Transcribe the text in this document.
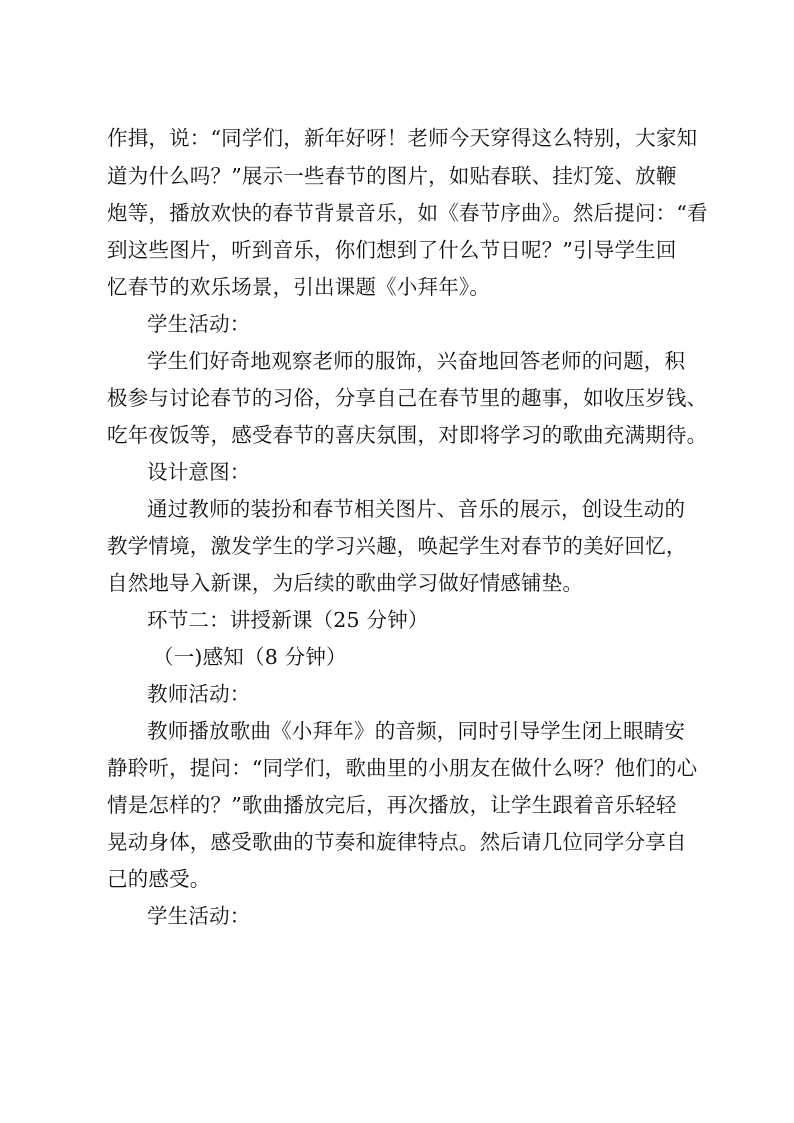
作揖，说：“同学们，新年好呀！老师今天穿得这么特别，大家知
道为什么吗？”展示一些春节的图片，如贴春联、挂灯笼、放鞭
炮等，播放欢快的春节背景音乐，如《春节序曲》。然后提问：“看
到这些图片，听到音乐，你们想到了什么节日呢？”引导学生回
忆春节的欢乐场景，引出课题《小拜年》。
学生活动：
学生们好奇地观察老师的服饰，兴奋地回答老师的问题，积
极参与讨论春节的习俗，分享自己在春节里的趣事，如收压岁钱、
吃年夜饭等，感受春节的喜庆氛围，对即将学习的歌曲充满期待。
设计意图：
通过教师的装扮和春节相关图片、音乐的展示，创设生动的
教学情境，激发学生的学习兴趣，唤起学生对春节的美好回忆，
自然地导入新课，为后续的歌曲学习做好情感铺垫。
环节二：讲授新课（25 分钟）
（一)感知（8 分钟）
教师活动：
教师播放歌曲《小拜年》的音频，同时引导学生闭上眼睛安
静聆听，提问：“同学们，歌曲里的小朋友在做什么呀？他们的心
情是怎样的？”歌曲播放完后，再次播放，让学生跟着音乐轻轻
晃动身体，感受歌曲的节奏和旋律特点。然后请几位同学分享自
己的感受。
学生活动：
